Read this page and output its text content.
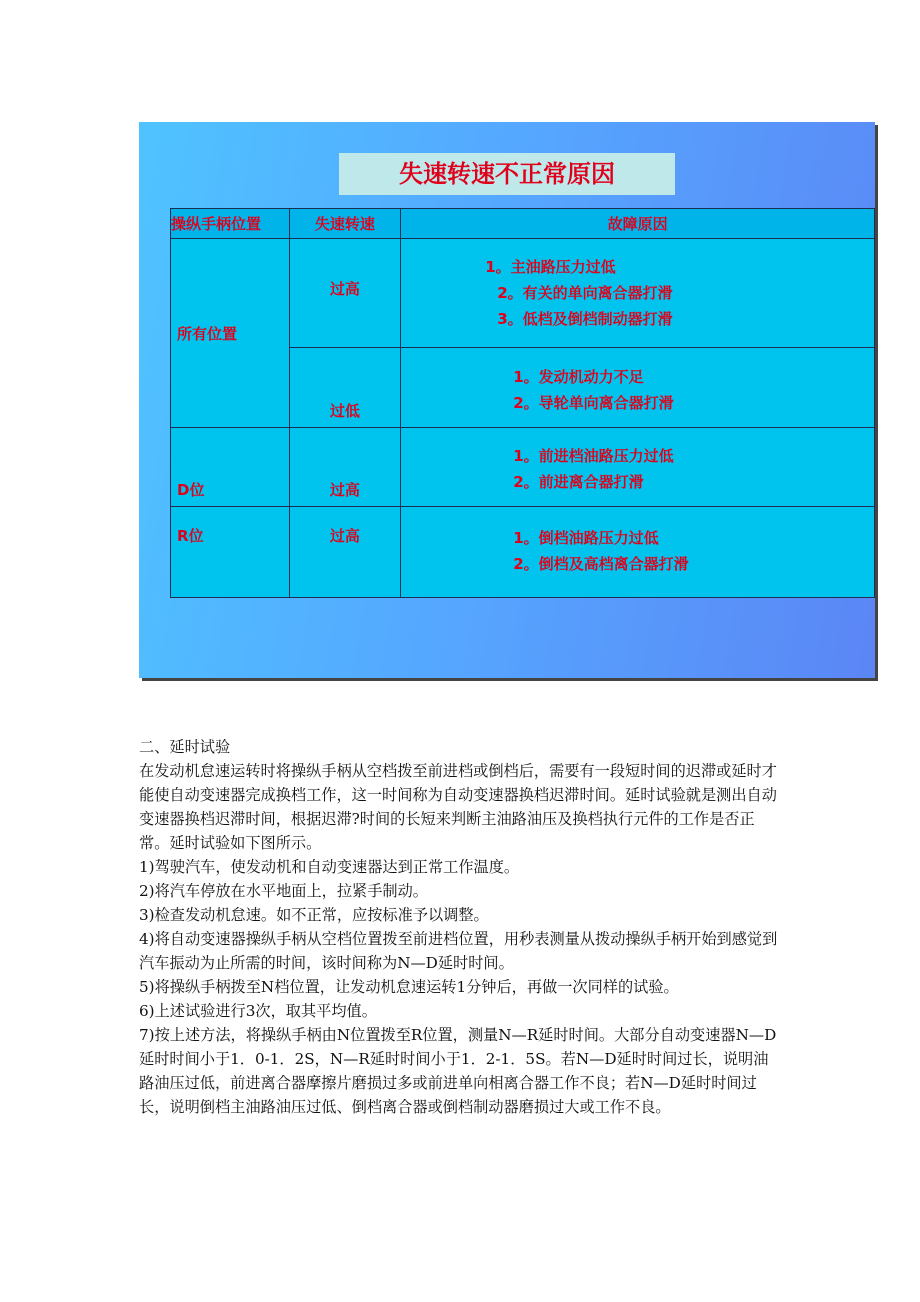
失速转速不正常原因
操纵手柄位置	失速转速	故障原因
所有位置	过高	1。主油路压力过低
2。有关的单向离合器打滑
3。低档及倒档制动器打滑

	过低	1。发动机动力不足
2。导轮单向离合器打滑

D位	过高	1。前进档油路压力过低
2。前进离合器打滑

R位	过高	1。倒档油路压力过低
2。倒档及高档离合器打滑

二、延时试验

在发动机怠速运转时将操纵手柄从空档拨至前进档或倒档后，需要有一段短时间的迟滞或延时才能使自动变速器完成换档工作，这一时间称为自动变速器换档迟滞时间。延时试验就是测出自动变速器换档迟滞时间，根据迟滞?时间的长短来判断主油路油压及换档执行元件的工作是否正常。延时试验如下图所示。

1)驾驶汽车，使发动机和自动变速器达到正常工作温度。

2)将汽车停放在水平地面上，拉紧手制动。

3)检查发动机怠速。如不正常，应按标准予以调整。

4)将自动变速器操纵手柄从空档位置拨至前进档位置，用秒表测量从拨动操纵手柄开始到感觉到汽车振动为止所需的时间，该时间称为N—D延时时间。

5)将操纵手柄拨至N档位置，让发动机怠速运转1分钟后，再做一次同样的试验。

6)上述试验进行3次，取其平均值。

7)按上述方法，将操纵手柄由N位置拨至R位置，测量N—R延时时间。大部分自动变速器N—D延时时间小于1．0-1．2S，N—R延时时间小于1．2-1．5S。若N—D延时时间过长，说明油路油压过低，前进离合器摩擦片磨损过多或前进单向相离合器工作不良；若N—D延时时间过长，说明倒档主油路油压过低、倒档离合器或倒档制动器磨损过大或工作不良。
